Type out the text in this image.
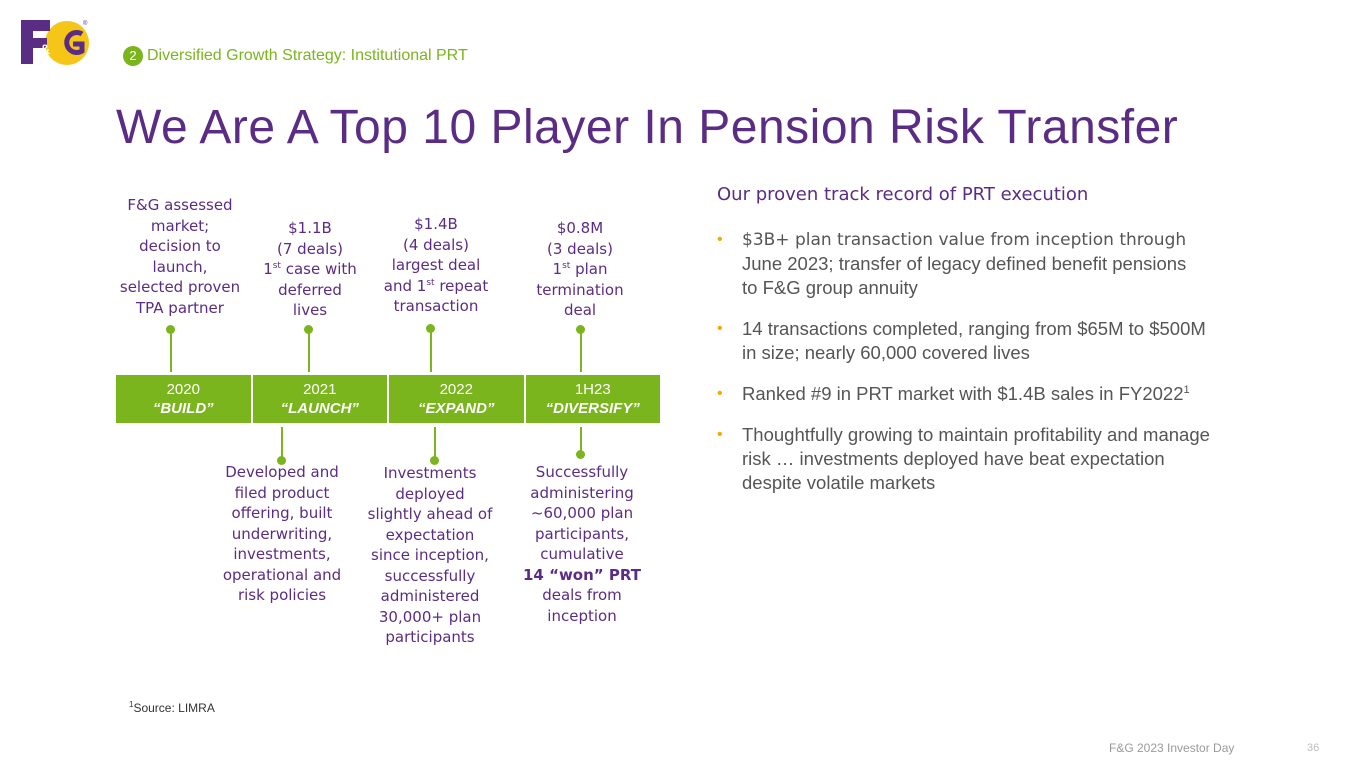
&
®
2 Diversified Growth Strategy: Institutional PRT
We Are A Top 10 Player In Pension Risk Transfer
F&G assessed
market;
decision to
launch,
selected proven
TPA partner
$1.1B
(7 deals)
1st case with
deferred
lives
$1.4B
(4 deals)
largest deal
and 1st repeat
transaction
$0.8M
(3 deals)
1st plan
termination
deal
2020
“BUILD”
2021
“LAUNCH”
2022
“EXPAND”
1H23
“DIVERSIFY”
Developed and
filed product
offering, built
underwriting,
investments,
operational and
risk policies
Investments
deployed
slightly ahead of
expectation
since inception,
successfully
administered
30,000+ plan
participants
Successfully
administering
~60,000 plan
participants,
cumulative
14 “won” PRT
deals from
inception
Our proven track record of PRT execution
• $3B+ plan transaction value from inception through
June 2023; transfer of legacy defined benefit pensions
to F&G group annuity
• 14 transactions completed, ranging from $65M to $500M
in size; nearly 60,000 covered lives
• Ranked #9 in PRT market with $1.4B sales in FY2022$^1$
• Thoughtfully growing to maintain profitability and manage
risk … investments deployed have beat expectation
despite volatile markets
$^1$Source: LIMRA
F&G 2023 Investor Day	36
